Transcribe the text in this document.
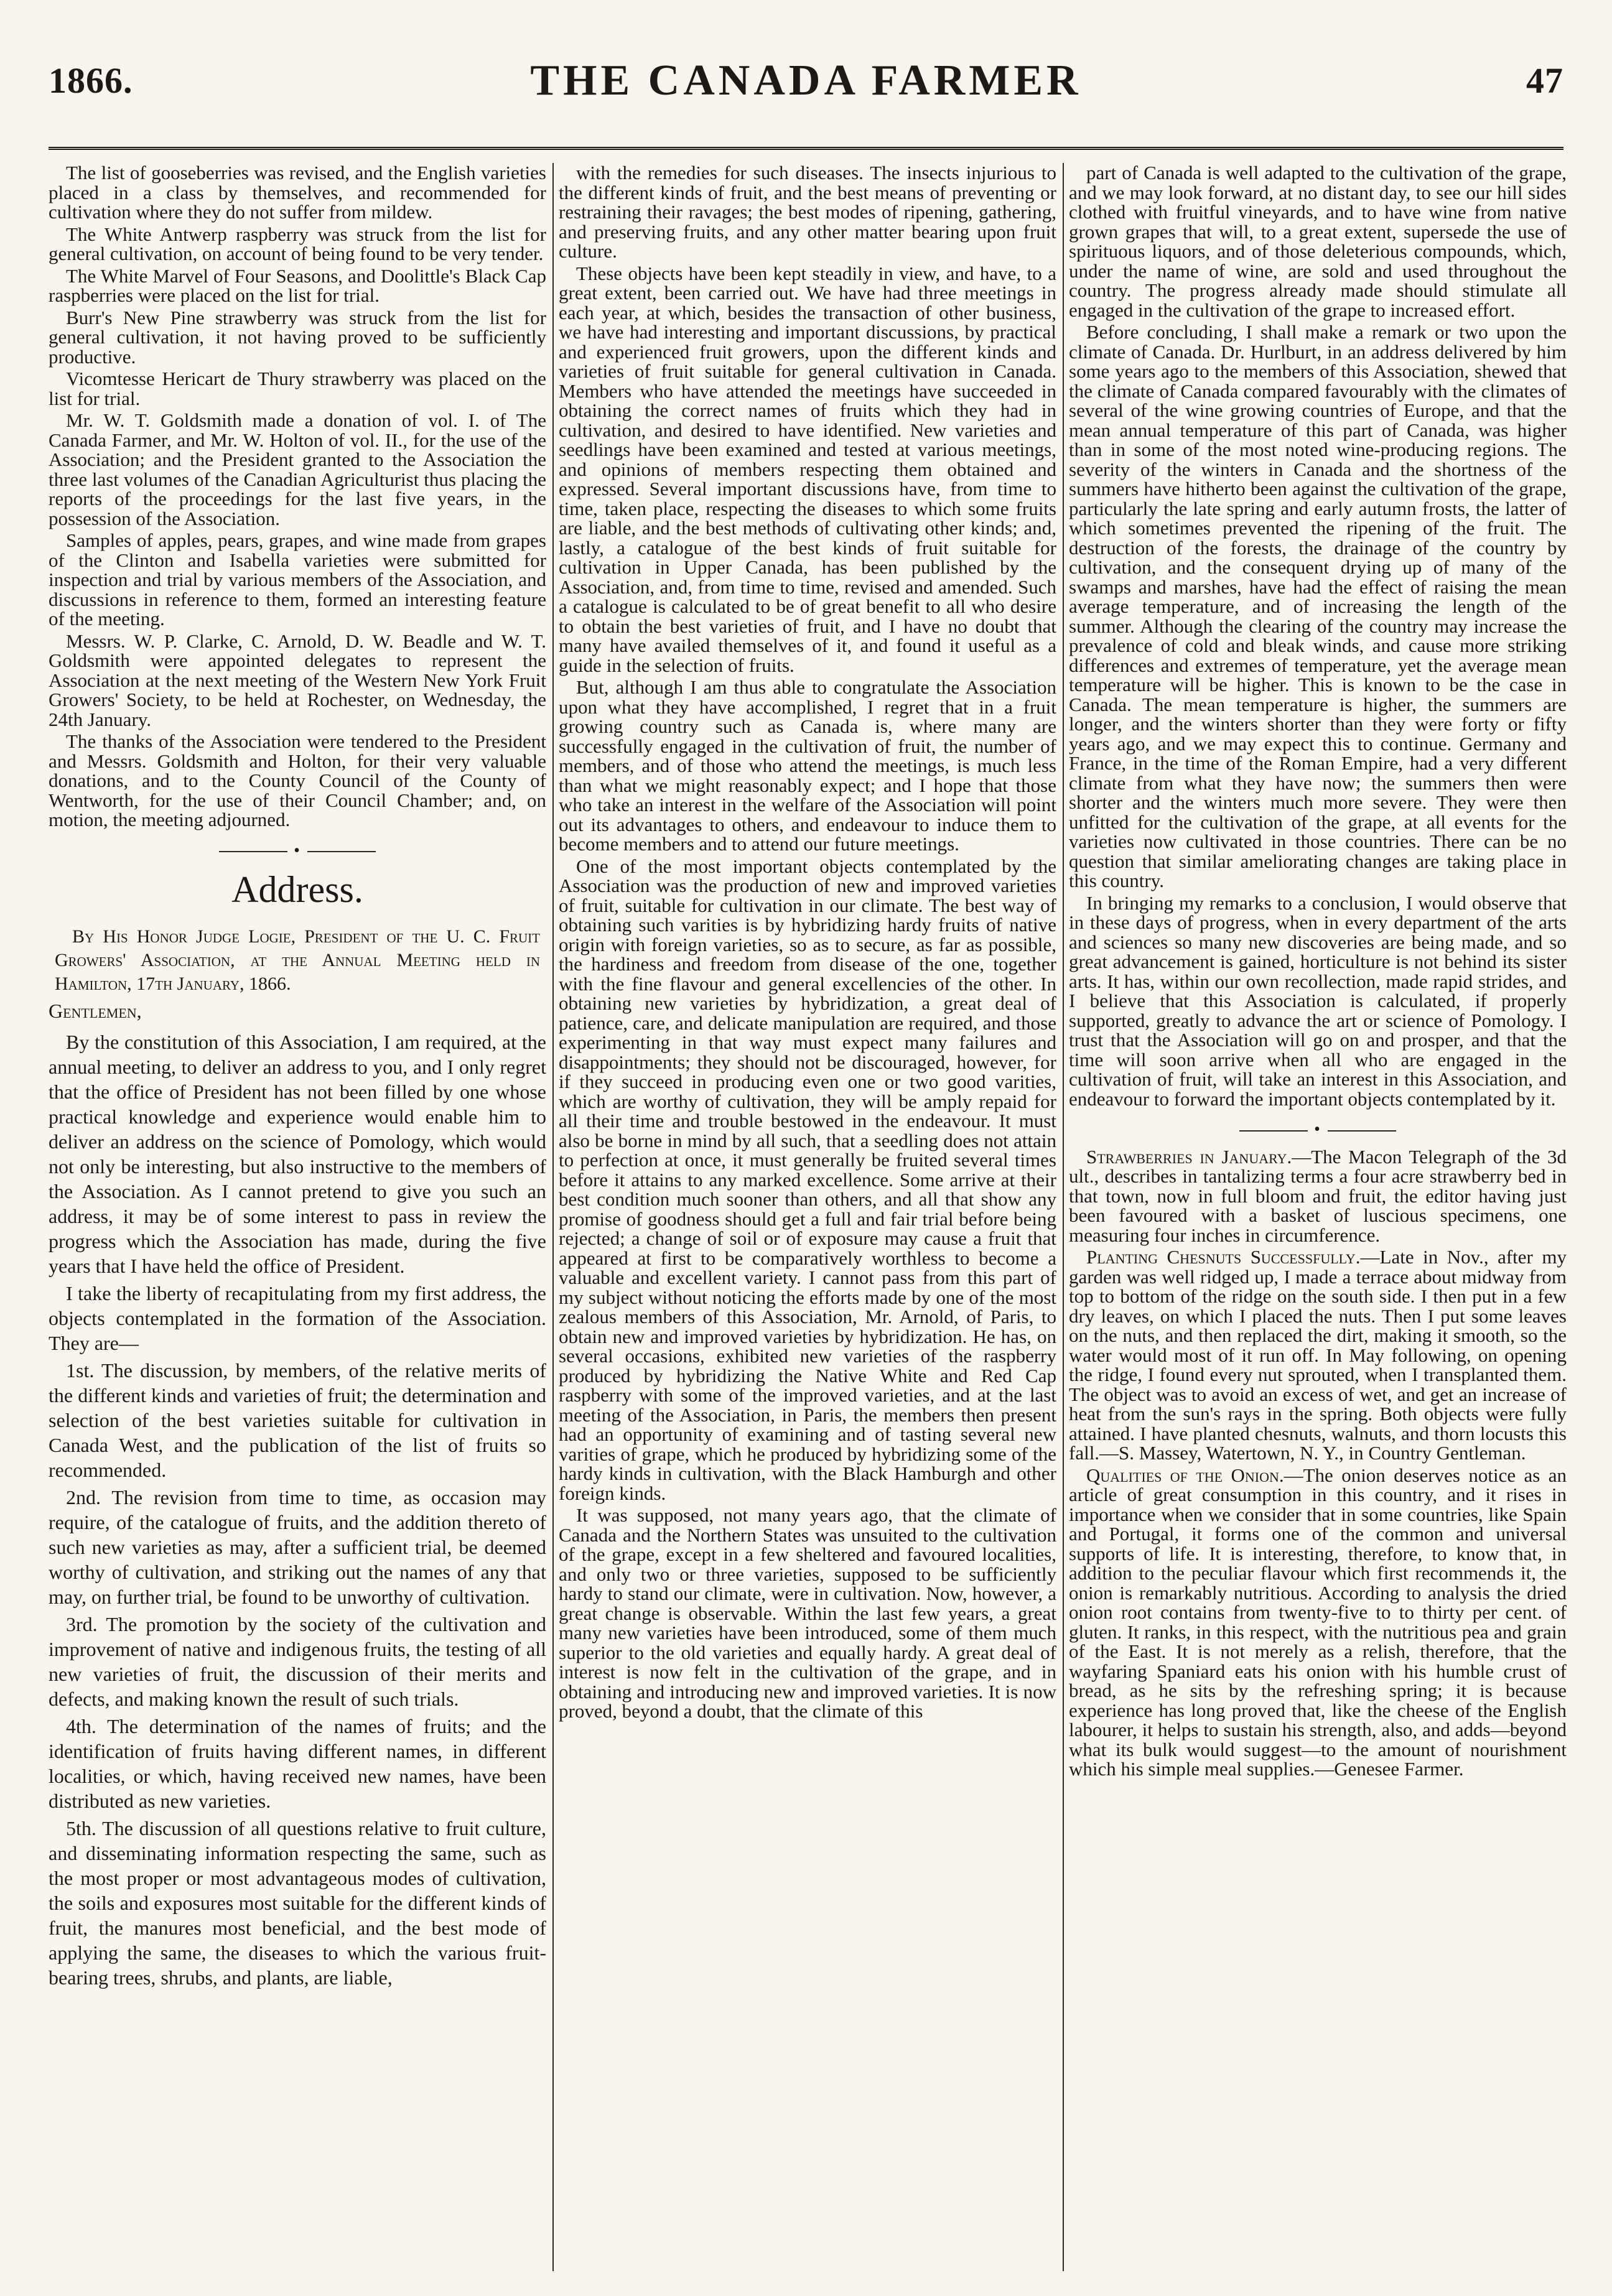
1866.	THE CANADA FARMER	47

The list of gooseberries was revised, and the English varieties placed in a class by themselves, and recommended for cultivation where they do not suffer from mildew.

The White Antwerp raspberry was struck from the list for general cultivation, on account of being found to be very tender.

The White Marvel of Four Seasons, and Doolittle's Black Cap raspberries were placed on the list for trial.

Burr's New Pine strawberry was struck from the list for general cultivation, it not having proved to be sufficiently productive.

Vicomtesse Hericart de Thury strawberry was placed on the list for trial.

Mr. W. T. Goldsmith made a donation of vol. I. of The Canada Farmer, and Mr. W. Holton of vol. II., for the use of the Association; and the President granted to the Association the three last volumes of the Canadian Agriculturist thus placing the reports of the proceedings for the last five years, in the possession of the Association.

Samples of apples, pears, grapes, and wine made from grapes of the Clinton and Isabella varieties were submitted for inspection and trial by various members of the Association, and discussions in reference to them, formed an interesting feature of the meeting.

Messrs. W. P. Clarke, C. Arnold, D. W. Beadle and W. T. Goldsmith were appointed delegates to represent the Association at the next meeting of the Western New York Fruit Growers' Society, to be held at Rochester, on Wednesday, the 24th January.

The thanks of the Association were tendered to the President and Messrs. Goldsmith and Holton, for their very valuable donations, and to the County Council of the County of Wentworth, for the use of their Council Chamber; and, on motion, the meeting adjourned.

•
Address.

By His Honor Judge Logie, President of the U. C. Fruit Growers' Association, at the Annual Meeting held in Hamilton, 17th January, 1866.

Gentlemen,

By the constitution of this Association, I am required, at the annual meeting, to deliver an address to you, and I only regret that the office of President has not been filled by one whose practical knowledge and experience would enable him to deliver an address on the science of Pomology, which would not only be interesting, but also instructive to the members of the Association. As I cannot pretend to give you such an address, it may be of some interest to pass in review the progress which the Association has made, during the five years that I have held the office of President.

I take the liberty of recapitulating from my first address, the objects contemplated in the formation of the Association. They are—

1st. The discussion, by members, of the relative merits of the different kinds and varieties of fruit; the determination and selection of the best varieties suitable for cultivation in Canada West, and the publication of the list of fruits so recommended.

2nd. The revision from time to time, as occasion may require, of the catalogue of fruits, and the addition thereto of such new varieties as may, after a sufficient trial, be deemed worthy of cultivation, and striking out the names of any that may, on further trial, be found to be unworthy of cultivation.

3rd. The promotion by the society of the cultivation and improvement of native and indigenous fruits, the testing of all new varieties of fruit, the discussion of their merits and defects, and making known the result of such trials.

4th. The determination of the names of fruits; and the identification of fruits having different names, in different localities, or which, having received new names, have been distributed as new varieties.

5th. The discussion of all questions relative to fruit culture, and disseminating information respecting the same, such as the most proper or most advantageous modes of cultivation, the soils and exposures most suitable for the different kinds of fruit, the manures most beneficial, and the best mode of applying the same, the diseases to which the various fruit-bearing trees, shrubs, and plants, are liable,

with the remedies for such diseases. The insects injurious to the different kinds of fruit, and the best means of preventing or restraining their ravages; the best modes of ripening, gathering, and preserving fruits, and any other matter bearing upon fruit culture.

These objects have been kept steadily in view, and have, to a great extent, been carried out. We have had three meetings in each year, at which, besides the transaction of other business, we have had interesting and important discussions, by practical and experienced fruit growers, upon the different kinds and varieties of fruit suitable for general cultivation in Canada. Members who have attended the meetings have succeeded in obtaining the correct names of fruits which they had in cultivation, and desired to have identified. New varieties and seedlings have been examined and tested at various meetings, and opinions of members respecting them obtained and expressed. Several important discussions have, from time to time, taken place, respecting the diseases to which some fruits are liable, and the best methods of cultivating other kinds; and, lastly, a catalogue of the best kinds of fruit suitable for cultivation in Upper Canada, has been published by the Association, and, from time to time, revised and amended. Such a catalogue is calculated to be of great benefit to all who desire to obtain the best varieties of fruit, and I have no doubt that many have availed themselves of it, and found it useful as a guide in the selection of fruits.

But, although I am thus able to congratulate the Association upon what they have accomplished, I regret that in a fruit growing country such as Canada is, where many are successfully engaged in the cultivation of fruit, the number of members, and of those who attend the meetings, is much less than what we might reasonably expect; and I hope that those who take an interest in the welfare of the Association will point out its advantages to others, and endeavour to induce them to become members and to attend our future meetings.

One of the most important objects contemplated by the Association was the production of new and improved varieties of fruit, suitable for cultivation in our climate. The best way of obtaining such varities is by hybridizing hardy fruits of native origin with foreign varieties, so as to secure, as far as possible, the hardiness and freedom from disease of the one, together with the fine flavour and general excellencies of the other. In obtaining new varieties by hybridization, a great deal of patience, care, and delicate manipulation are required, and those experimenting in that way must expect many failures and disappointments; they should not be discouraged, however, for if they succeed in producing even one or two good varities, which are worthy of cultivation, they will be amply repaid for all their time and trouble bestowed in the endeavour. It must also be borne in mind by all such, that a seedling does not attain to perfection at once, it must generally be fruited several times before it attains to any marked excellence. Some arrive at their best condition much sooner than others, and all that show any promise of goodness should get a full and fair trial before being rejected; a change of soil or of exposure may cause a fruit that appeared at first to be comparatively worthless to become a valuable and excellent variety. I cannot pass from this part of my subject without noticing the efforts made by one of the most zealous members of this Association, Mr. Arnold, of Paris, to obtain new and improved varieties by hybridization. He has, on several occasions, exhibited new varieties of the raspberry produced by hybridizing the Native White and Red Cap raspberry with some of the improved varieties, and at the last meeting of the Association, in Paris, the members then present had an opportunity of examining and of tasting several new varities of grape, which he produced by hybridizing some of the hardy kinds in cultivation, with the Black Hamburgh and other foreign kinds.

It was supposed, not many years ago, that the climate of Canada and the Northern States was unsuited to the cultivation of the grape, except in a few sheltered and favoured localities, and only two or three varieties, supposed to be sufficiently hardy to stand our climate, were in cultivation. Now, however, a great change is observable. Within the last few years, a great many new varieties have been introduced, some of them much superior to the old varieties and equally hardy. A great deal of interest is now felt in the cultivation of the grape, and in obtaining and introducing new and improved varieties. It is now proved, beyond a doubt, that the climate of this

part of Canada is well adapted to the cultivation of the grape, and we may look forward, at no distant day, to see our hill sides clothed with fruitful vineyards, and to have wine from native grown grapes that will, to a great extent, supersede the use of spirituous liquors, and of those deleterious compounds, which, under the name of wine, are sold and used throughout the country. The progress already made should stimulate all engaged in the cultivation of the grape to increased effort.

Before concluding, I shall make a remark or two upon the climate of Canada. Dr. Hurlburt, in an address delivered by him some years ago to the members of this Association, shewed that the climate of Canada compared favourably with the climates of several of the wine growing countries of Europe, and that the mean annual temperature of this part of Canada, was higher than in some of the most noted wine-producing regions. The severity of the winters in Canada and the shortness of the summers have hitherto been against the cultivation of the grape, particularly the late spring and early autumn frosts, the latter of which sometimes prevented the ripening of the fruit. The destruction of the forests, the drainage of the country by cultivation, and the consequent drying up of many of the swamps and marshes, have had the effect of raising the mean average temperature, and of increasing the length of the summer. Although the clearing of the country may increase the prevalence of cold and bleak winds, and cause more striking differences and extremes of temperature, yet the average mean temperature will be higher. This is known to be the case in Canada. The mean temperature is higher, the summers are longer, and the winters shorter than they were forty or fifty years ago, and we may expect this to continue. Germany and France, in the time of the Roman Empire, had a very different climate from what they have now; the summers then were shorter and the winters much more severe. They were then unfitted for the cultivation of the grape, at all events for the varieties now cultivated in those countries. There can be no question that similar ameliorating changes are taking place in this country.

In bringing my remarks to a conclusion, I would observe that in these days of progress, when in every department of the arts and sciences so many new discoveries are being made, and so great advancement is gained, horticulture is not behind its sister arts. It has, within our own recollection, made rapid strides, and I believe that this Association is calculated, if properly supported, greatly to advance the art or science of Pomology. I trust that the Association will go on and prosper, and that the time will soon arrive when all who are engaged in the cultivation of fruit, will take an interest in this Association, and endeavour to forward the important objects contemplated by it.

•

Strawberries in January.—The Macon Telegraph of the 3d ult., describes in tantalizing terms a four acre strawberry bed in that town, now in full bloom and fruit, the editor having just been favoured with a basket of luscious specimens, one measuring four inches in circumference.

Planting Chesnuts Successfully.—Late in Nov., after my garden was well ridged up, I made a terrace about midway from top to bottom of the ridge on the south side. I then put in a few dry leaves, on which I placed the nuts. Then I put some leaves on the nuts, and then replaced the dirt, making it smooth, so the water would most of it run off. In May following, on opening the ridge, I found every nut sprouted, when I transplanted them. The object was to avoid an excess of wet, and get an increase of heat from the sun's rays in the spring. Both objects were fully attained. I have planted chesnuts, walnuts, and thorn locusts this fall.—S. Massey, Watertown, N. Y., in Country Gentleman.

Qualities of the Onion.—The onion deserves notice as an article of great consumption in this country, and it rises in importance when we consider that in some countries, like Spain and Portugal, it forms one of the common and universal supports of life. It is interesting, therefore, to know that, in addition to the peculiar flavour which first recommends it, the onion is remarkably nutritious. According to analysis the dried onion root contains from twenty-five to to thirty per cent. of gluten. It ranks, in this respect, with the nutritious pea and grain of the East. It is not merely as a relish, therefore, that the wayfaring Spaniard eats his onion with his humble crust of bread, as he sits by the refreshing spring; it is because experience has long proved that, like the cheese of the English labourer, it helps to sustain his strength, also, and adds—beyond what its bulk would suggest—to the amount of nourishment which his simple meal supplies.—Genesee Farmer.
